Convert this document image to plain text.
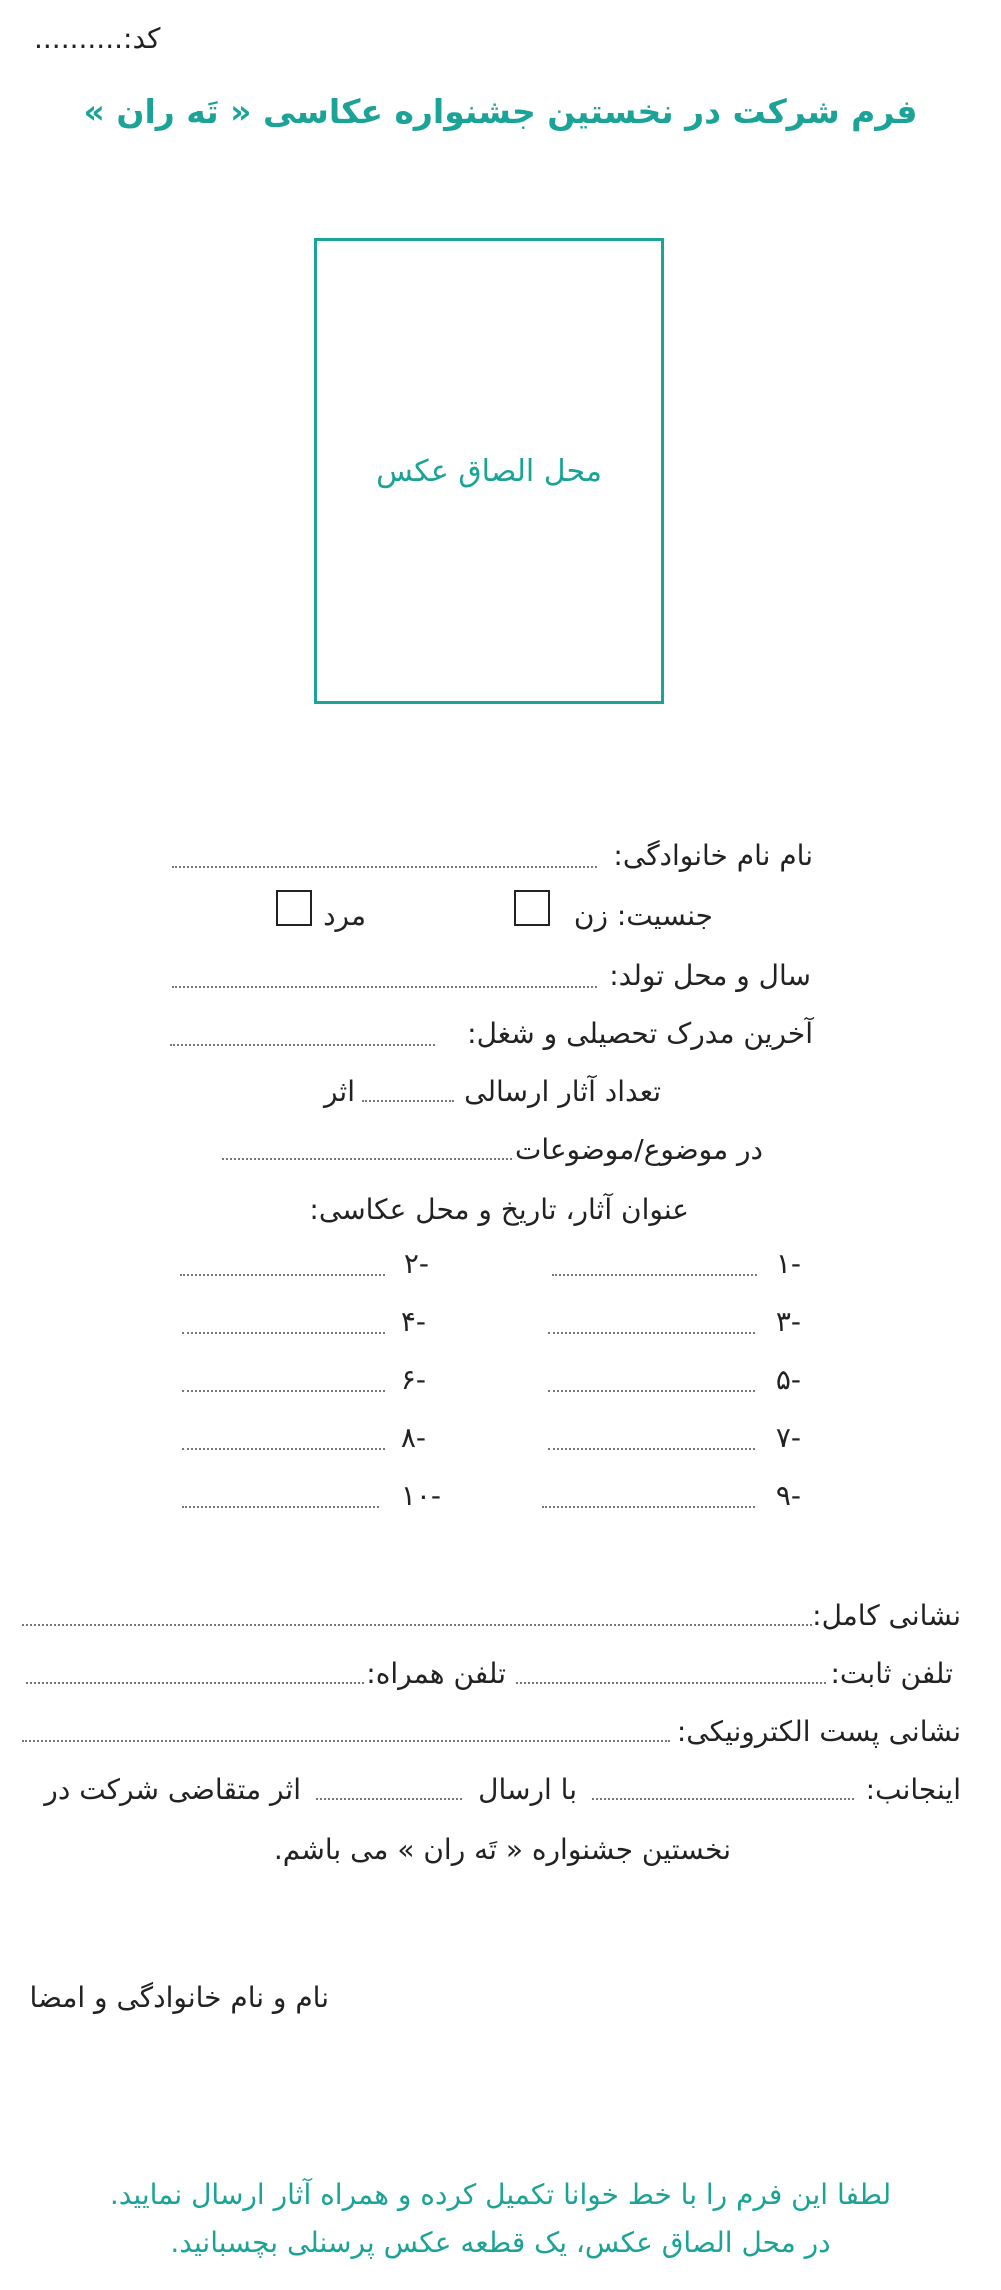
کد:..........
فرم شرکت در نخستین جشنواره عکاسی « تَه ران »
محل الصاق عکس
نام نام خانوادگی:
جنسیت: زن
مرد
سال و محل تولد:
آخرین مدرک تحصیلی و شغل:
تعداد آثار ارسالی
اثر
در موضوع/موضوعات
عنوان آثار، تاریخ و محل عکاسی:
-۱
-۲
-۳
-۴
-۵
-۶
-۷
-۸
-۹
-۱۰
نشانی کامل:
تلفن ثابت:
تلفن همراه:
نشانی پست الکترونیکی:
اینجانب:
با ارسال
اثر متقاضی شرکت در
نخستین جشنواره « تَه ران » می باشم.
نام و نام خانوادگی و امضا
لطفا این فرم را با خط خوانا تکمیل کرده و همراه آثار ارسال نمایید.
در محل الصاق عکس، یک قطعه عکس پرسنلی بچسبانید.
